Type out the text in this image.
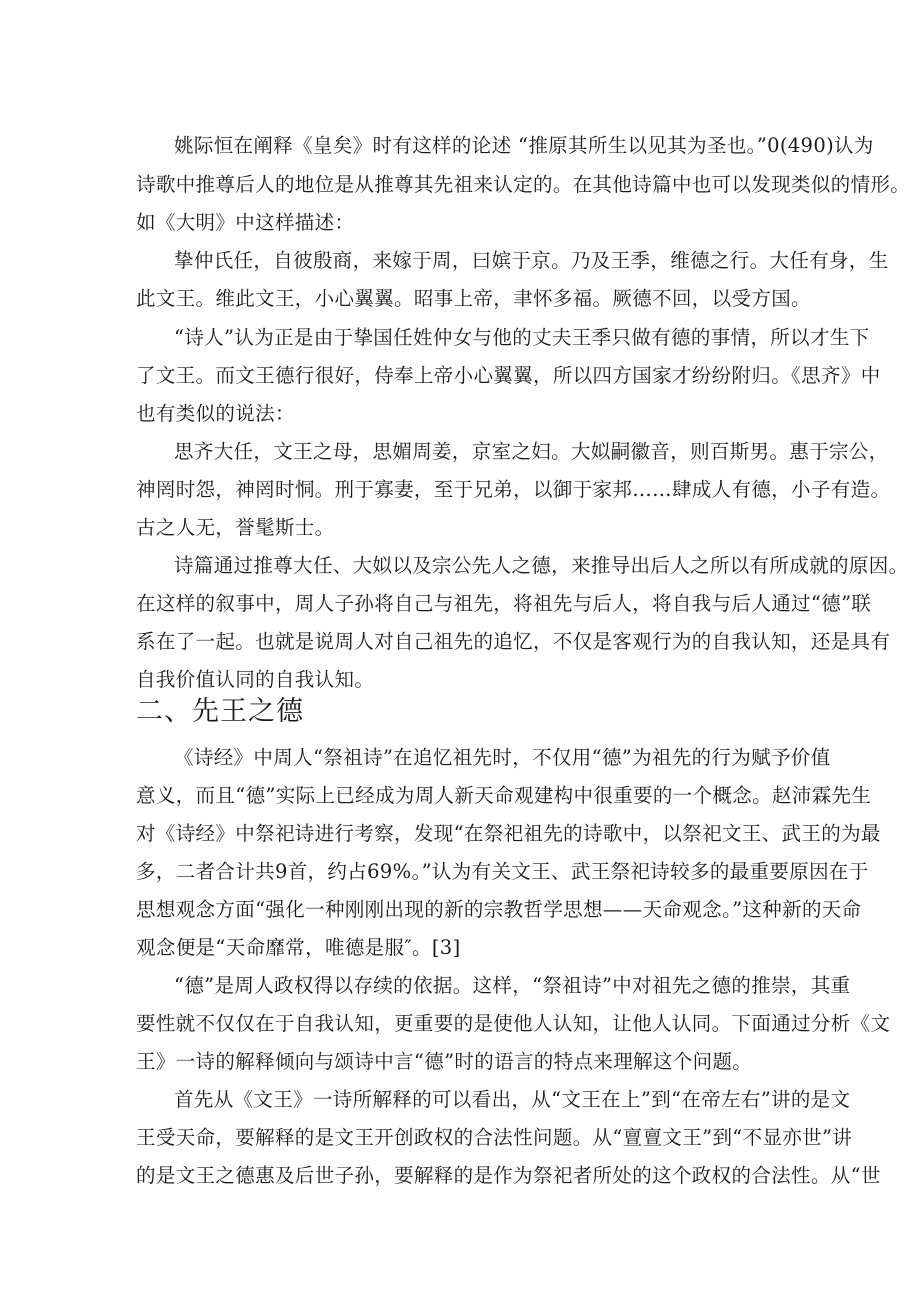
姚际恒在阐释《皇矣》时有这样的论述 “推原其所生以见其为圣也。”0(490)认为
诗歌中推尊后人的地位是从推尊其先祖来认定的。在其他诗篇中也可以发现类似的情形。
如《大明》中这样描述：
挚仲氏任，自彼殷商，来嫁于周，曰嫔于京。乃及王季，维德之行。大任有身，生
此文王。维此文王，小心翼翼。昭事上帝，聿怀多福。厥德不回，以受方国。
“诗人”认为正是由于挚国任姓仲女与他的丈夫王季只做有德的事情，所以才生下
了文王。而文王德行很好，侍奉上帝小心翼翼，所以四方国家才纷纷附归。《思齐》中
也有类似的说法：
思齐大任，文王之母，思媚周姜，京室之妇。大姒嗣徽音，则百斯男。惠于宗公，
神罔时怨，神罔时恫。刑于寡妻，至于兄弟，以御于家邦……肆成人有德，小子有造。
古之人无，誉髦斯士。
诗篇通过推尊大任、大姒以及宗公先人之德，来推导出后人之所以有所成就的原因。
在这样的叙事中，周人子孙将自己与祖先，将祖先与后人，将自我与后人通过“德”联
系在了一起。也就是说周人对自己祖先的追忆，不仅是客观行为的自我认知，还是具有
自我价值认同的自我认知。
二、先王之德
《诗经》中周人“祭祖诗”在追忆祖先时，不仅用“德”为祖先的行为赋予价值
意义，而且“德”实际上已经成为周人新天命观建构中很重要的一个概念。赵沛霖先生
对《诗经》中祭祀诗进行考察，发现“在祭祀祖先的诗歌中，以祭祀文王、武王的为最
多，二者合计共9首，约占69%。”认为有关文王、武王祭祀诗较多的最重要原因在于
思想观念方面“强化一种刚刚出现的新的宗教哲学思想——天命观念。”这种新的天命
观念便是“天命靡常，唯德是服″。[3]
“德”是周人政权得以存续的依据。这样，“祭祖诗”中对祖先之德的推崇，其重
要性就不仅仅在于自我认知，更重要的是使他人认知，让他人认同。下面通过分析《文
王》一诗的解释倾向与颂诗中言“德”时的语言的特点来理解这个问题。
首先从《文王》一诗所解释的可以看出，从“文王在上”到“在帝左右”讲的是文
王受天命，要解释的是文王开创政权的合法性问题。从“亶亶文王”到“不显亦世”讲
的是文王之德惠及后世子孙，要解释的是作为祭祀者所处的这个政权的合法性。从“世
